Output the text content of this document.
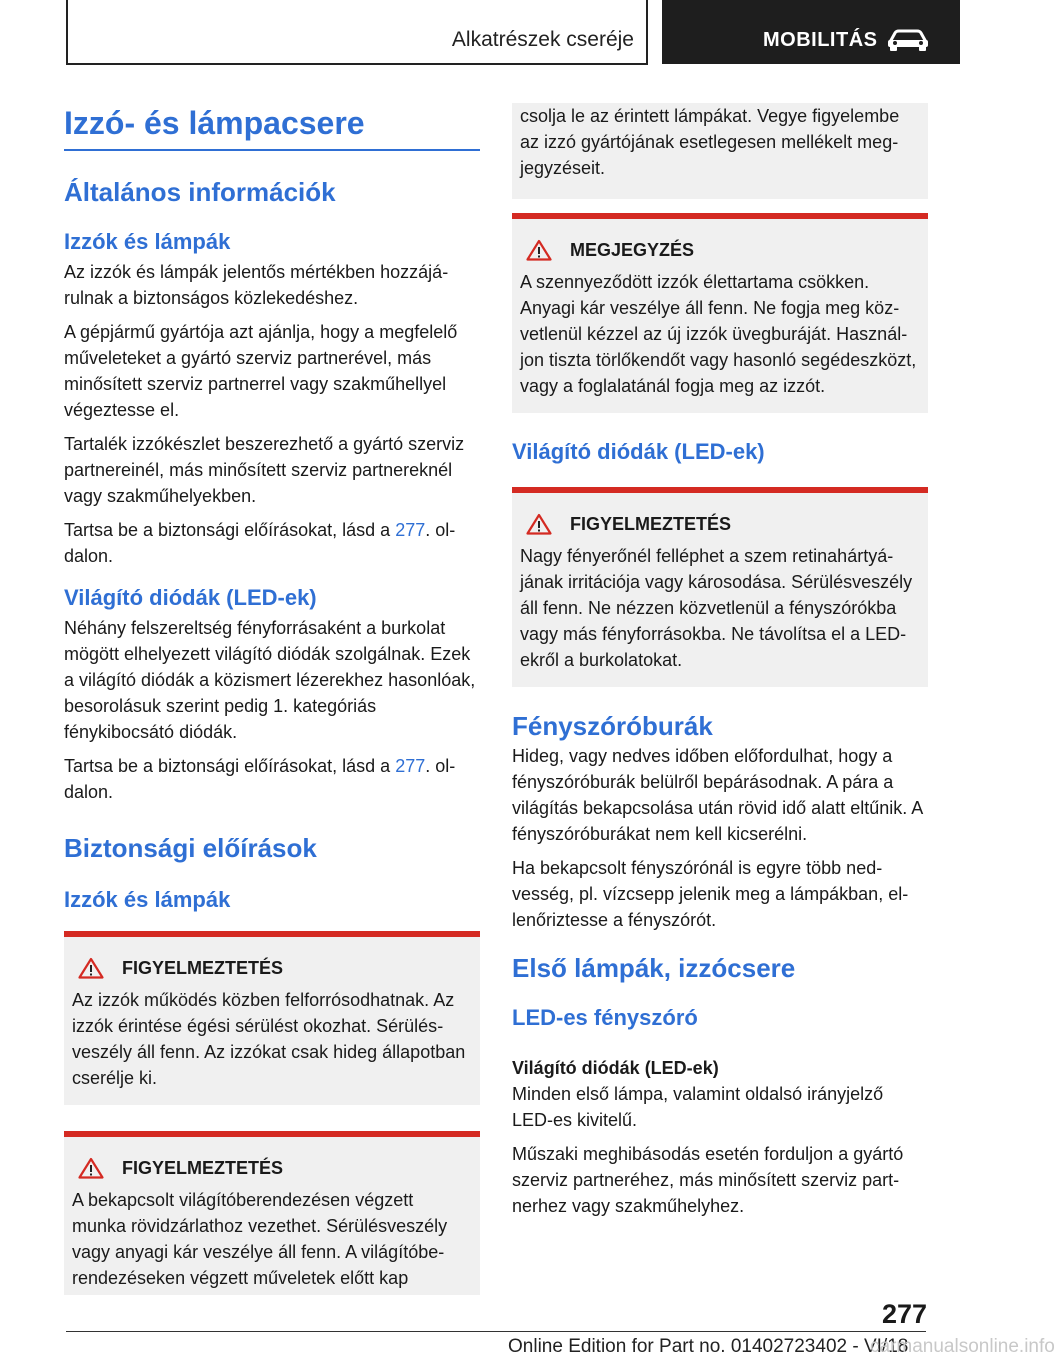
Alkatrészek cseréje	MOBILITÁS
Izzó- és lámpacsere
Általános információk
Izzók és lámpák

Az izzók és lámpák jelentős mértékben hozzájárulnak a biztonságos közlekedéshez.

A gépjármű gyártója azt ajánlja, hogy a megfelelő műveleteket a gyártó szerviz partnerével, más minősített szerviz partnerrel vagy szakműhellyel végeztesse el.

Tartalék izzókészlet beszerezhető a gyártó szerviz partnereinél, más minősített szerviz partnereknél vagy szakműhelyekben.

Tartsa be a biztonsági előírásokat, lásd a 277. oldalon.

Világító diódák (LED-ek)

Néhány felszereltség fényforrásaként a burkolat mögött elhelyezett világító diódák szolgálnak. Ezek a világító diódák a közismert lézerekhez hasonlóak, besorolásuk szerint pedig 1. kategóriás fénykibocsátó diódák.

Tartsa be a biztonsági előírásokat, lásd a 277. oldalon.

Biztonsági előírások
Izzók és lámpák
FIGYELMEZTETÉS
Az izzók működés közben felforrósodhatnak. Az izzók érintése égési sérülést okozhat. Sérülésveszély áll fenn. Az izzókat csak hideg állapotban cserélje ki.
FIGYELMEZTETÉS
A bekapcsolt világítóberendezésen végzett munka rövidzárlathoz vezethet. Sérülésveszély vagy anyagi kár veszélye áll fenn. A világítóberendezéseken végzett műveletek előtt kap
csolja le az érintett lámpákat. Vegye figyelembe az izzó gyártójának esetlegesen mellékelt megjegyzéseit.
MEGJEGYZÉS
A szennyeződött izzók élettartama csökken. Anyagi kár veszélye áll fenn. Ne fogja meg közvetlenül kézzel az új izzók üvegburáját. Használjon tiszta törlőkendőt vagy hasonló segédeszközt, vagy a foglalatánál fogja meg az izzót.
Világító diódák (LED-ek)
FIGYELMEZTETÉS
Nagy fényerőnél felléphet a szem retinahártyájának irritációja vagy károsodása. Sérülésveszély áll fenn. Ne nézzen közvetlenül a fényszórókba vagy más fényforrásokba. Ne távolítsa el a LED-ekről a burkolatokat.
Fényszóróburák

Hideg, vagy nedves időben előfordulhat, hogy a fényszóróburák belülről bepárásodnak. A pára a világítás bekapcsolása után rövid idő alatt eltűnik. A fényszóróburákat nem kell kicserélni.

Ha bekapcsolt fényszórónál is egyre több nedvesség, pl. vízcsepp jelenik meg a lámpákban, ellenőriztesse a fényszórót.

Első lámpák, izzócsere
LED-es fényszóró
Világító diódák (LED-ek)

Minden első lámpa, valamint oldalsó irányjelző LED-es kivitelű.

Műszaki meghibásodás esetén forduljon a gyártó szerviz partneréhez, más minősített szerviz partnerhez vagy szakműhelyhez.

277
Online Edition for Part no. 01402723402 - VI/18
carmanualsonline.info
